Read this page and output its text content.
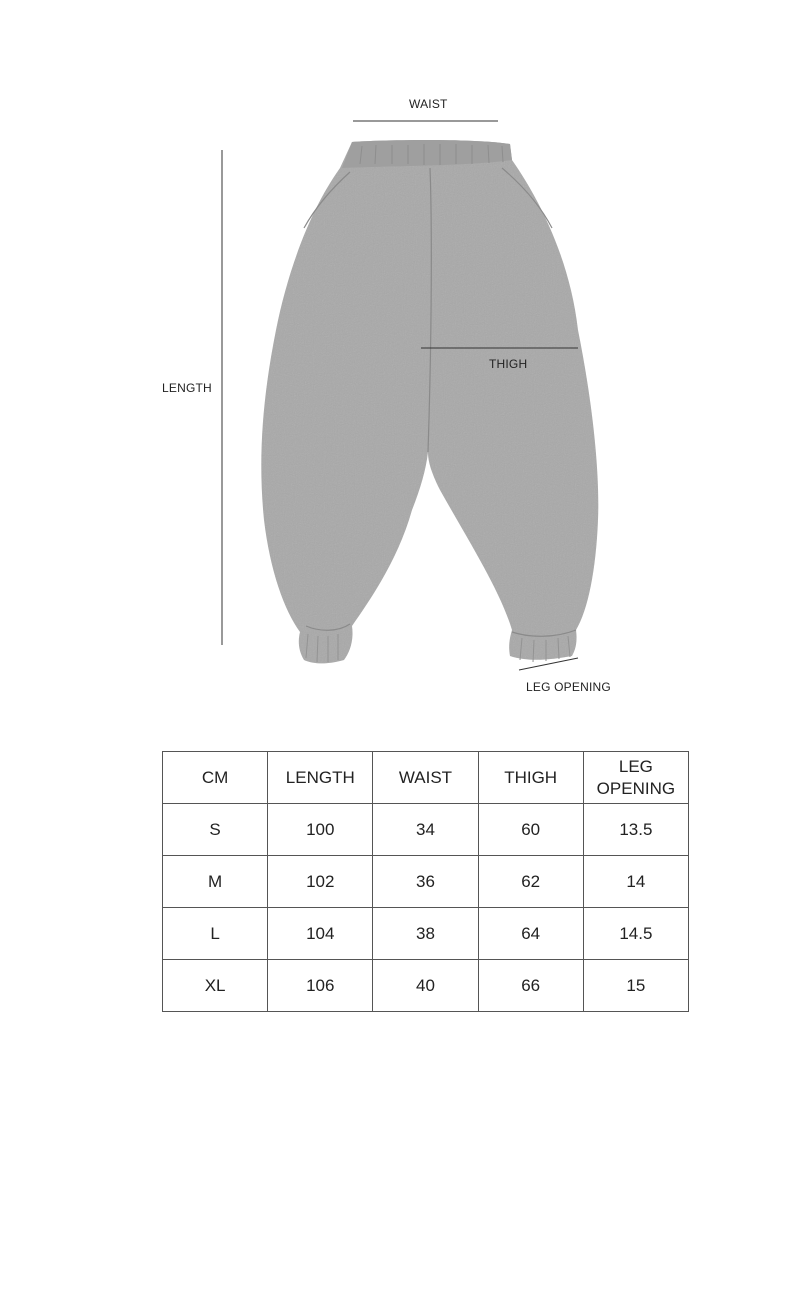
WAIST
LENGTH
THIGH
LEG OPENING
CM	LENGTH	WAIST	THIGH	LEG
OPENING

S	100	34	60	13.5
M	102	36	62	14
L	104	38	64	14.5
XL	106	40	66	15
